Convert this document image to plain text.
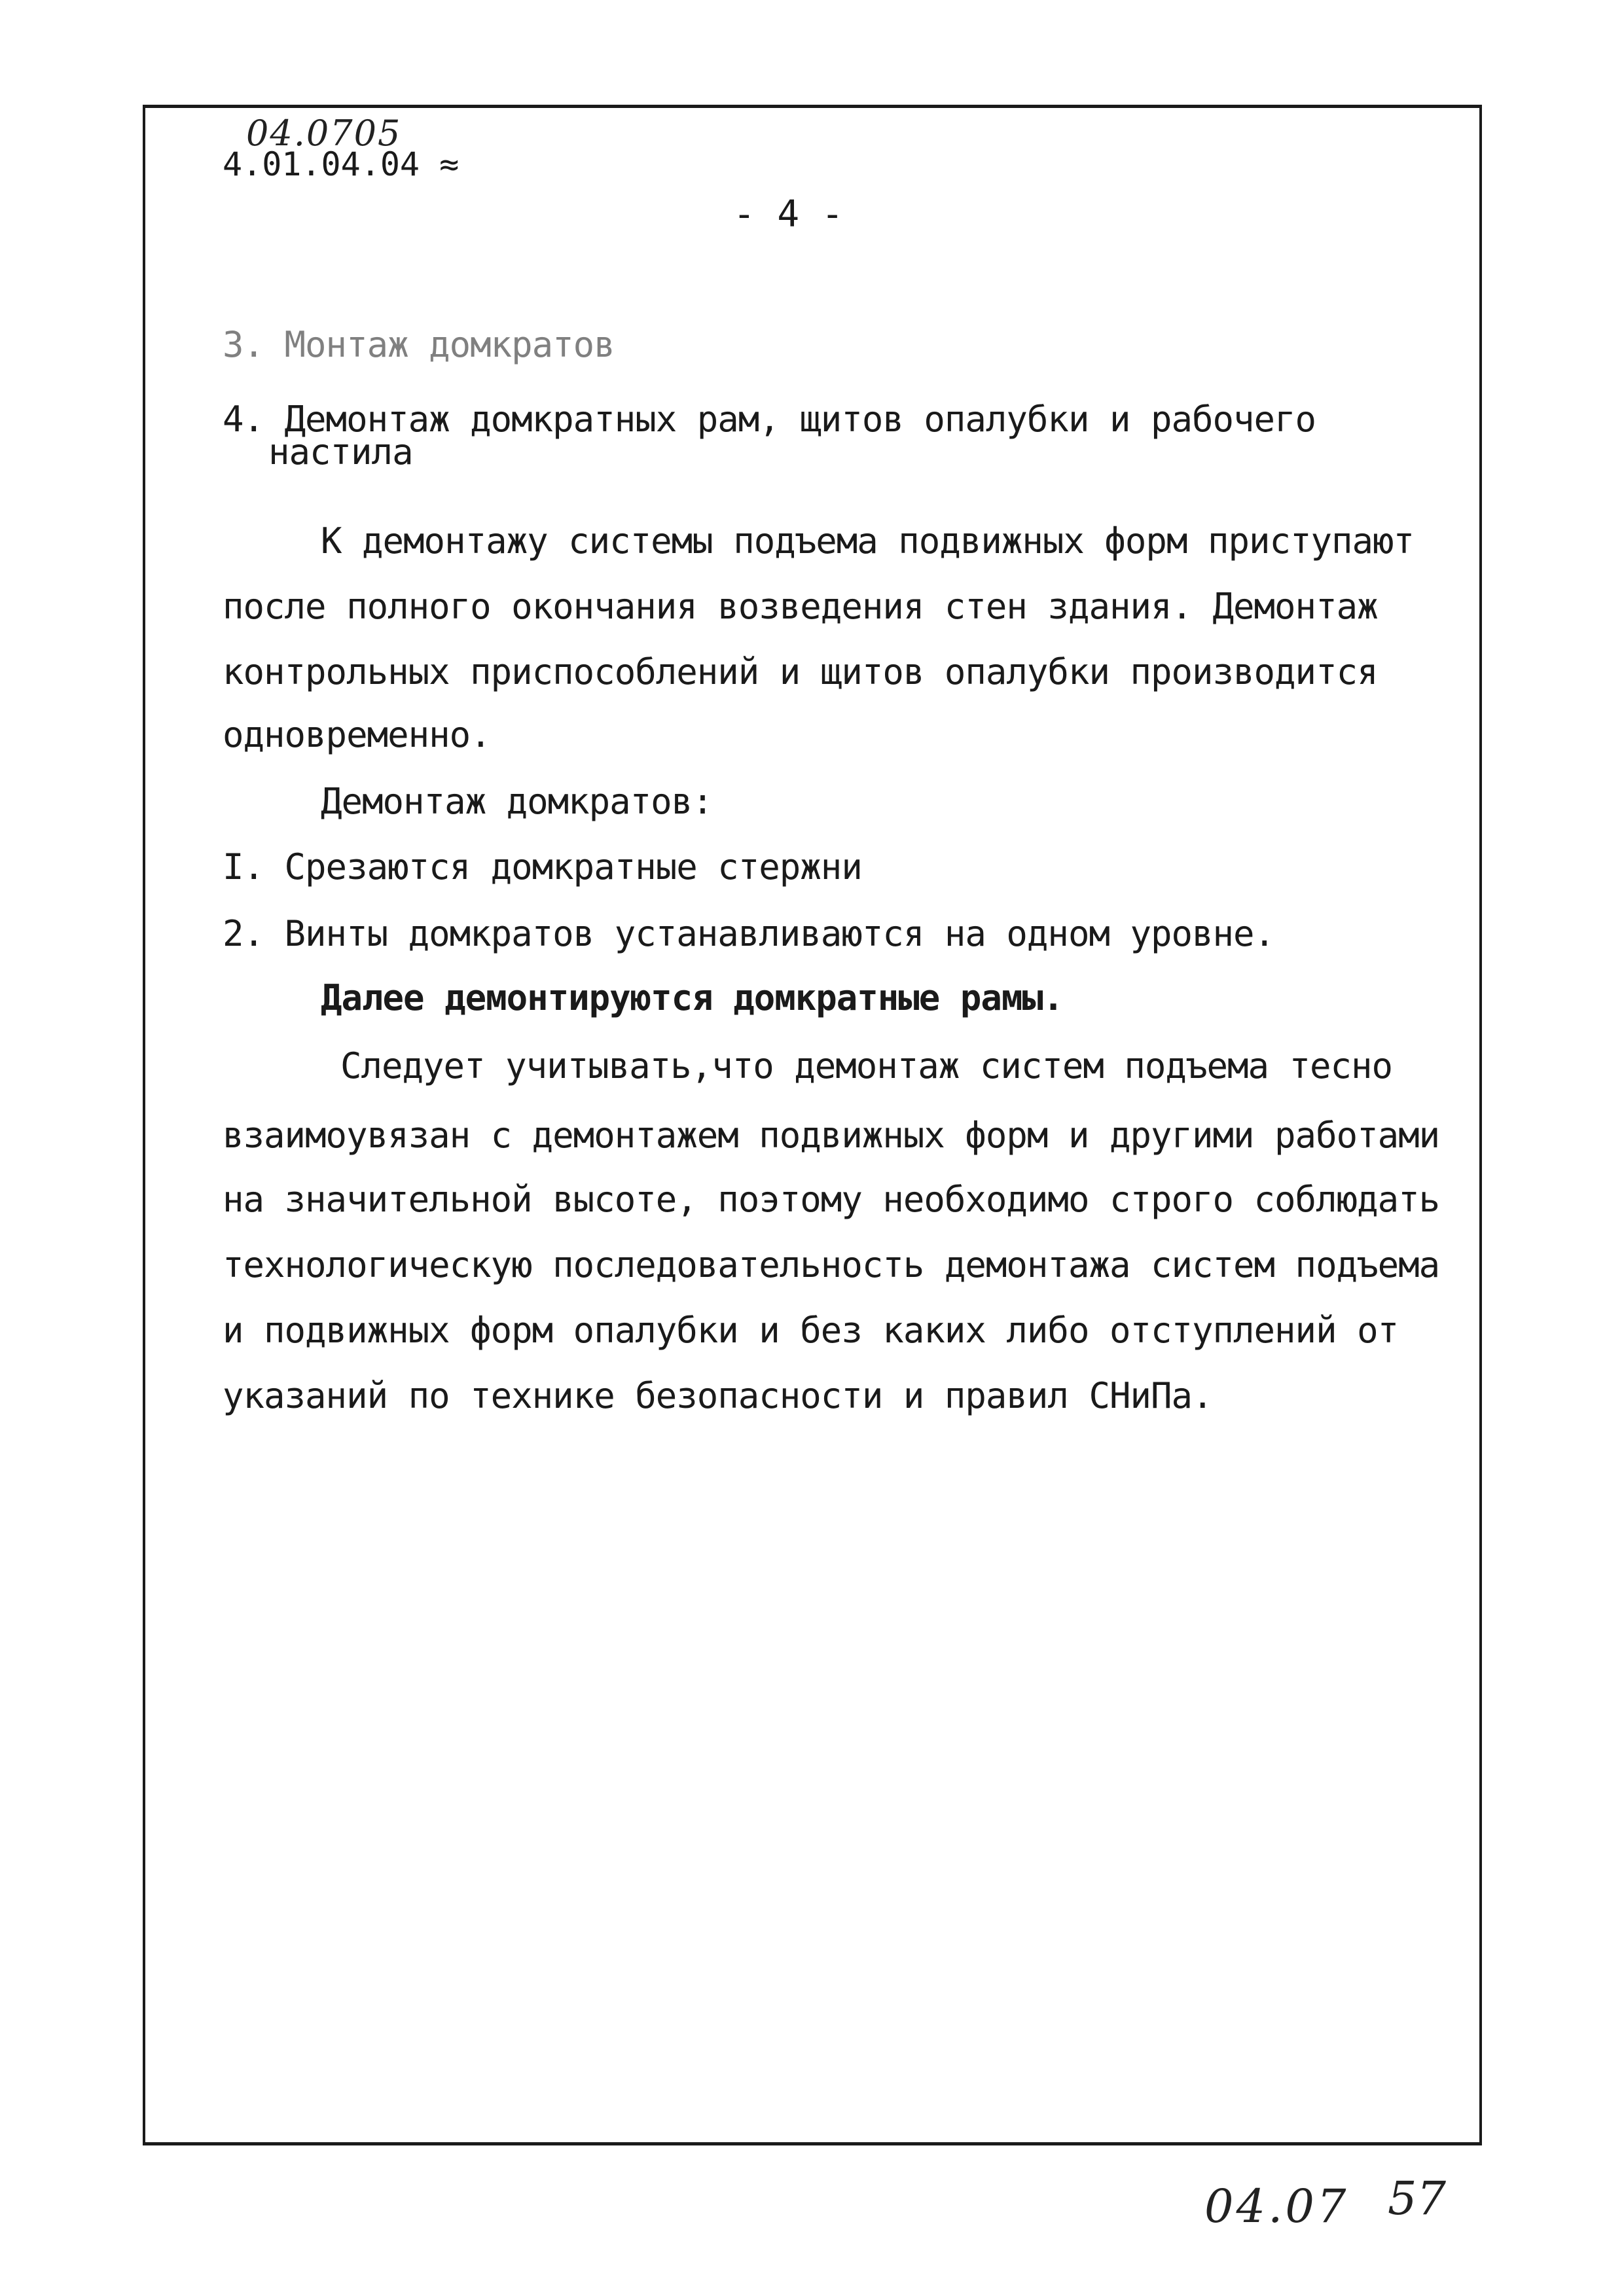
04.0705
4.01.04.04 ≈
- 4 -
3. Монтаж домкратов
4. Демонтаж домкратных рам, щитов опалубки и рабочего
настила
К демонтажу системы подъема подвижных форм приступают
после полного окончания возведения стен здания. Демонтаж
контрольных приспособлений и щитов опалубки производится
одновременно.
Демонтаж домкратов:
I. Срезаются домкратные стержни
2. Винты домкратов устанавливаются на одном уровне.
Далее демонтируются домкратные рамы.
Следует учитывать,что демонтаж систем подъема тесно
взаимоувязан с демонтажем подвижных форм и другими работами
на значительной высоте, поэтому необходимо строго соблюдать
технологическую последовательность демонтажа систем подъема
и подвижных форм опалубки и без каких либо отступлений от
указаний по технике безопасности и правил СНиПа.
04.07 57
